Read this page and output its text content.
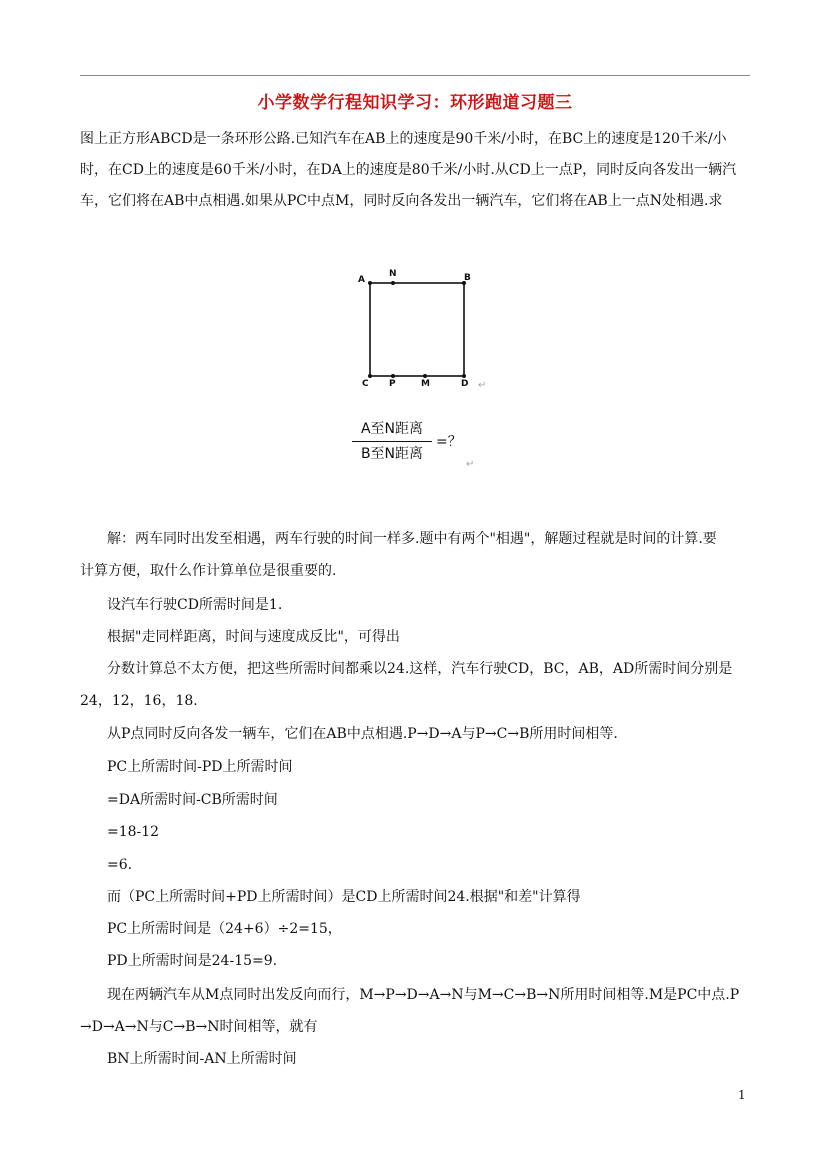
小学数学行程知识学习：环形跑道习题三

图上正方形ABCD是一条环形公路.已知汽车在AB上的速度是90千米/小时，在BC上的速度是120千米/小时，在CD上的速度是60千米/小时，在DA上的速度是80千米/小时.从CD上一点P，同时反向各发出一辆汽车，它们将在AB中点相遇.如果从PC中点M，同时反向各发出一辆汽车，它们将在AB上一点N处相遇.求

A
N	B
C P	M	D ↵
A至N距离
B至N距离
=？
↵
解：两车同时出发至相遇，两车行驶的时间一样多.题中有两个"相遇"，解题过程就是时间的计算.要
计算方便，取什么作计算单位是很重要的.
设汽车行驶CD所需时间是1.
根据"走同样距离，时间与速度成反比"，可得出
分数计算总不太方便，把这些所需时间都乘以24.这样，汽车行驶CD，BC，AB，AD所需时间分别是
24，12，16，18.
从P点同时反向各发一辆车，它们在AB中点相遇.P→D→A与P→C→B所用时间相等.
PC上所需时间-PD上所需时间
=DA所需时间-CB所需时间
=18-12
=6.
而（PC上所需时间+PD上所需时间）是CD上所需时间24.根据"和差"计算得
PC上所需时间是（24+6）÷2=15，
PD上所需时间是24-15=9.
现在两辆汽车从M点同时出发反向而行，M→P→D→A→N与M→C→B→N所用时间相等.M是PC中点.P
→D→A→N与C→B→N时间相等，就有
BN上所需时间-AN上所需时间
1
